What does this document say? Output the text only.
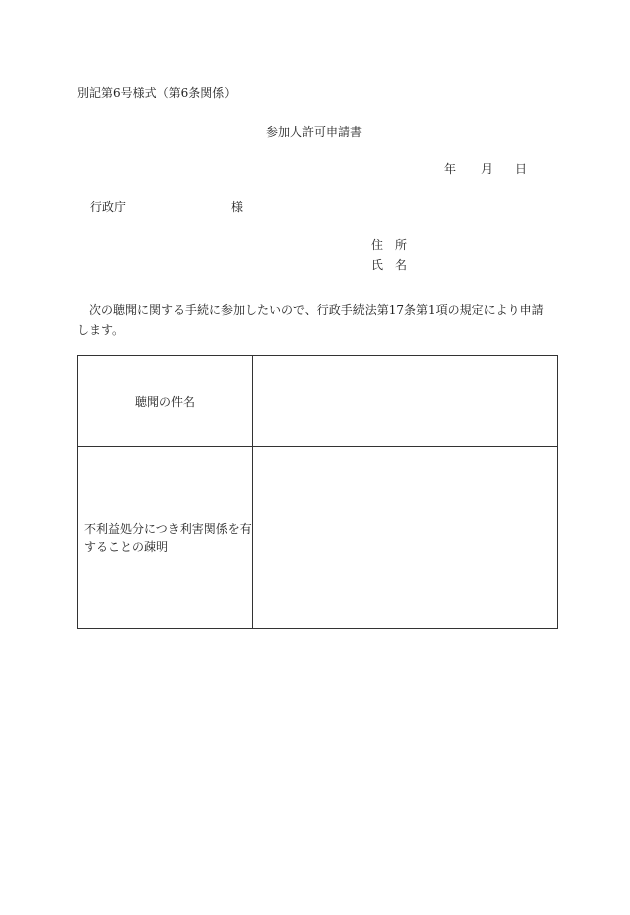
別記第6号様式（第6条関係）
参加人許可申請書
年 月 日
行政庁	様
住　所
氏　名
次の聴聞に関する手続に参加したいので、行政手続法第17条第1項の規定により申請します。
聴聞の件名	
不利益処分につき利害関係を有することの疎明	
